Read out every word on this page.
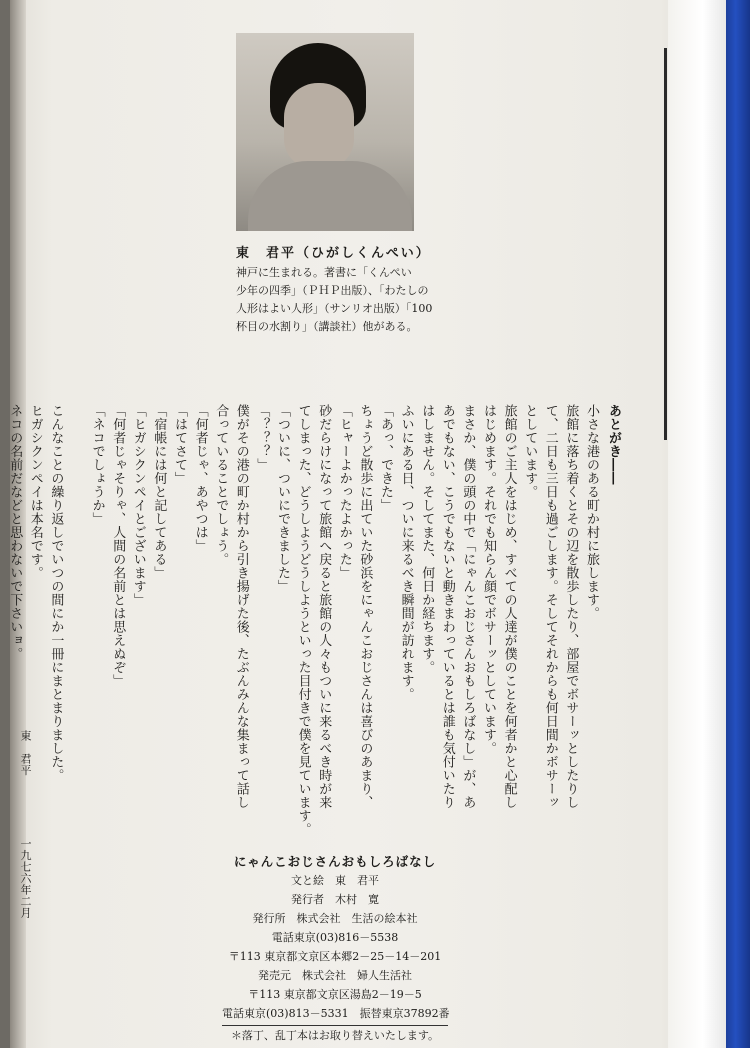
東　君平（ひがしくんぺい）
神戸に生まれる。著書に「くんぺい
少年の四季」（ＰＨＰ出版）、「わたしの
人形はよい人形」（サンリオ出版）「100
杯目の水割り」（講談社）他がある。
あとがき――
小さな港のある町か村に旅します。
旅館に落ち着くとその辺を散歩したり、部屋でボサーッとしたりし
て、二日も三日も過ごします。そしてそれからも何日間かボサーッ
としています。
旅館のご主人をはじめ、すべての人達が僕のことを何者かと心配し
はじめます。それでも知らん顔でボサーッとしています。
まさか、僕の頭の中で「にゃんこおじさんおもしろばなし」が、あ
あでもない、こうでもないと動きまわっているとは誰も気付いたり
はしません。そしてまた、何日か経ちます。
ふいにある日、ついに来るべき瞬間が訪れます。
「あっ、できた」
ちょうど散歩に出ていた砂浜をにゃんこおじさんは喜びのあまり、
「ヒャーよかったよかった」
砂だらけになって旅館へ戻ると旅館の人々もついに来るべき時が来
てしまった、どうしようどうしようといった目付きで僕を見ています。
「ついに、ついにできました」
「？？？」
僕がその港の町か村から引き揚げた後、たぶんみんな集まって話し
合っていることでしょう。
「何者じゃ、あやつは」
「はてさて」
「宿帳には何と記してある」
「ヒガシクンペイとございます」
「何者じゃそりゃ、人間の名前とは思えぬぞ」
「ネコでしょうか」
こんなことの繰り返しでいつの間にか一冊にまとまりました。
ヒガシクンペイは本名です。
ネコの名前だなどと思わないで下さいョ。
一九七六年二月
東　君平
にゃんこおじさんおもしろばなし
文と絵　東　君平
発行者　木村　寛
発行所　株式会社　生活の絵本社
電話東京(03)816－5538
〒113 東京都文京区本郷2－25－14－201
発売元　株式会社　婦人生活社
〒113 東京都文京区湯島2－19－5
電話東京(03)813－5331　振替東京37892番
＊落丁、乱丁本はお取り替えいたします。
